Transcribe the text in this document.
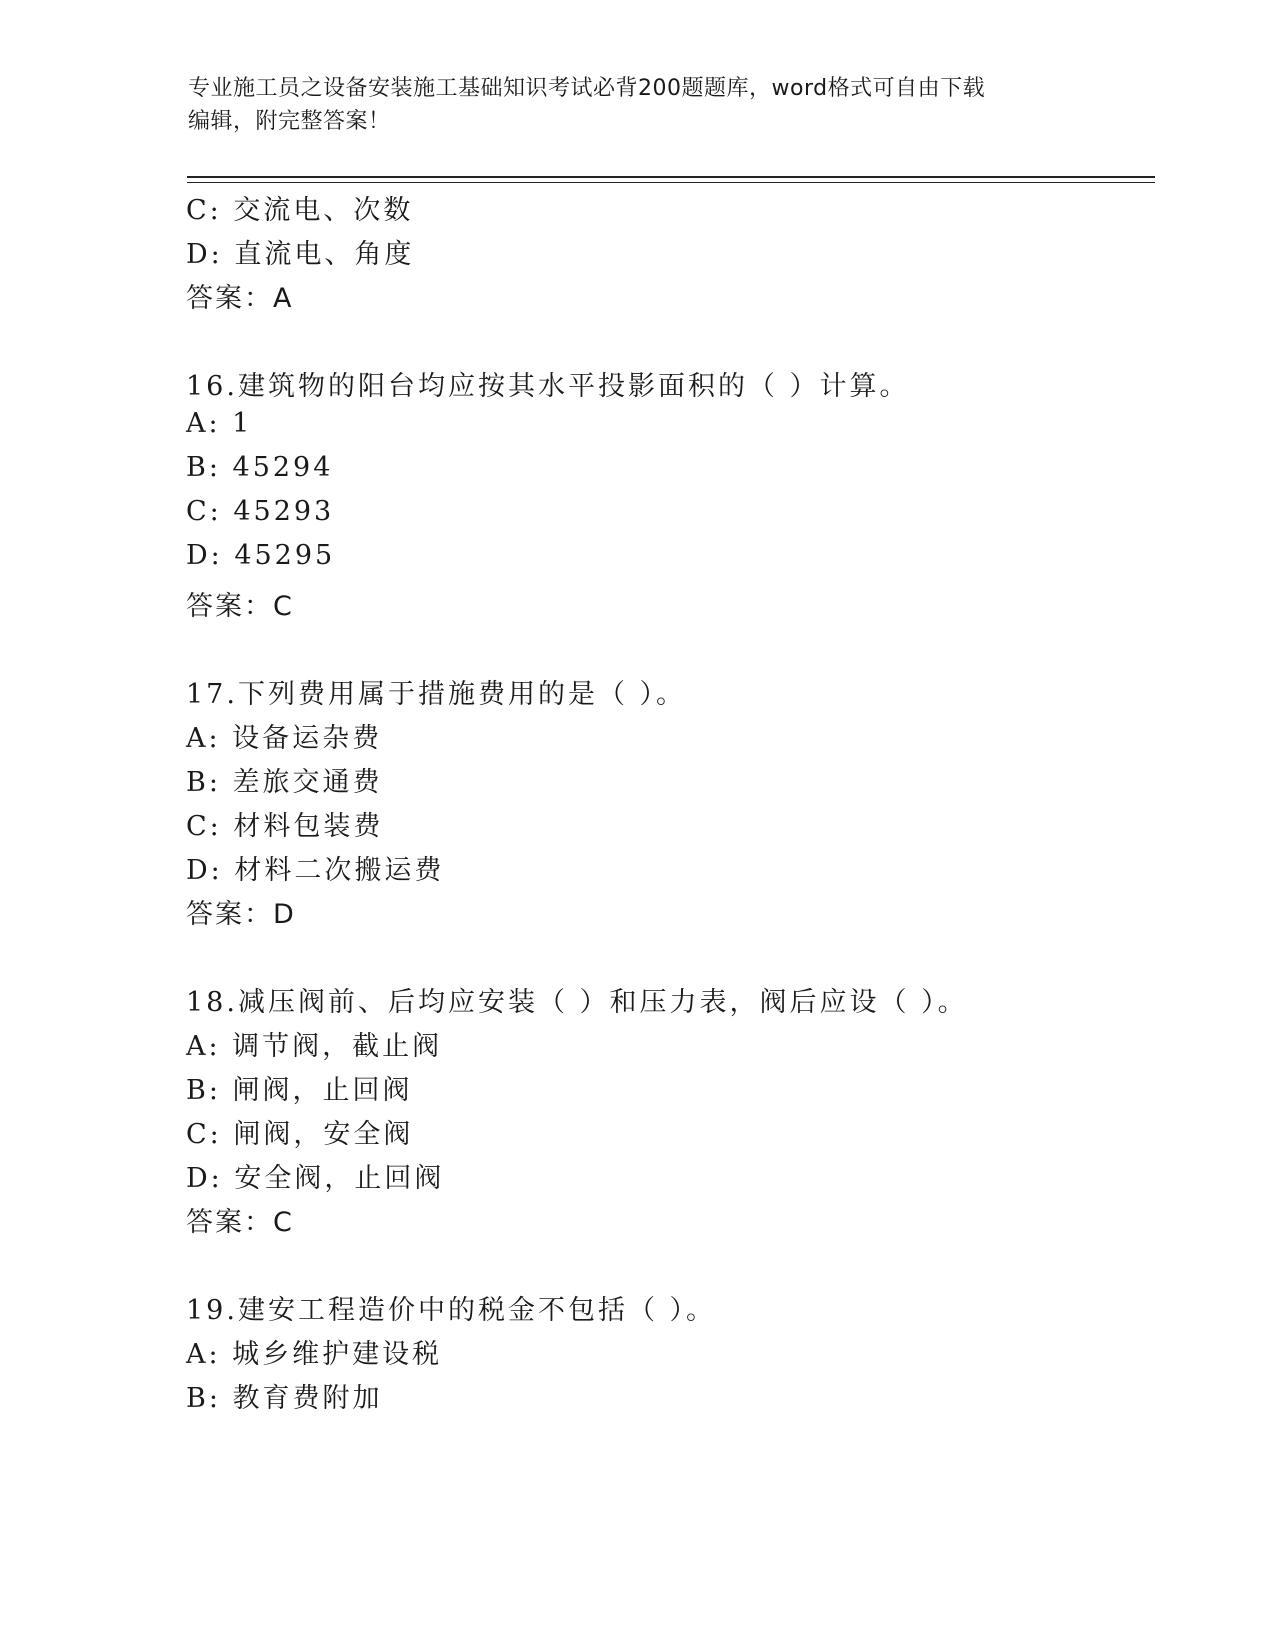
专业施工员之设备安装施工基础知识考试必背200题题库，word格式可自由下载
编辑，附完整答案！
C: 交流电、次数
D: 直流电、角度
答案：A
16.建筑物的阳台均应按其水平投影面积的（ ）计算。
A: 1
B: 45294
C: 45293
D: 45295
答案：C
17.下列费用属于措施费用的是（ ）。
A: 设备运杂费
B: 差旅交通费
C: 材料包装费
D: 材料二次搬运费
答案：D
18.减压阀前、后均应安装（ ）和压力表，阀后应设（ ）。
A: 调节阀，截止阀
B: 闸阀，止回阀
C: 闸阀，安全阀
D: 安全阀，止回阀
答案：C
19.建安工程造价中的税金不包括（ ）。
A: 城乡维护建设税
B: 教育费附加
